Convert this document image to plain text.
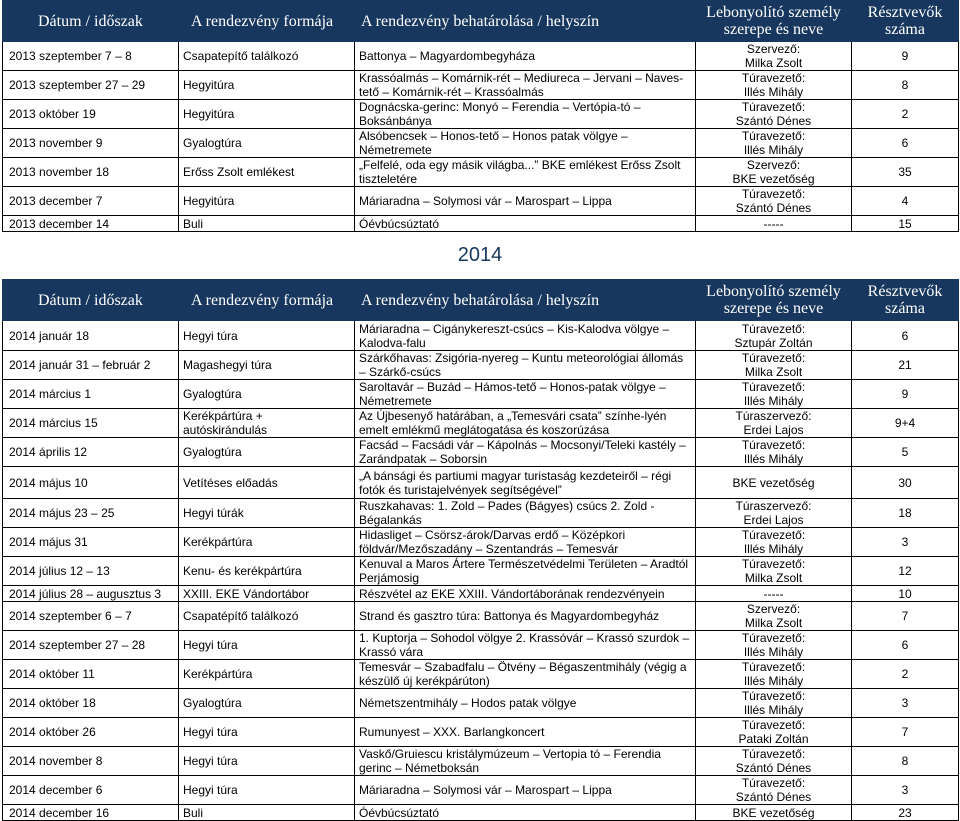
Dátum / időszak	A rendezvény formája	A rendezvény behatárolása / helyszín	Lebonyolító személy
szerepe és neve	Résztvevők
száma

2013 szeptember 7 – 8	Csapatepítő találkozó	Battonya – Magyardombegyháza	Szervező:
Milka Zsolt	9
2013 szeptember 27 – 29	Hegyitúra	Krassóalmás – Komárnik-rét – Mediureca – Jervani – Naves-tető – Komárnik-rét – Krassóalmás	Túravezető:
Illés Mihály	8
2013 október 19	Hegyitúra	Dognácska-gerinc: Monyó – Ferendia – Vertópia-tó – Boksánbánya	Túravezető:
Szántó Dénes	2
2013 november 9	Gyalogtúra	Alsóbencsek – Honos-tető – Honos patak völgye – Németremete	Túravezető:
Illés Mihály	6
2013 november 18	Erőss Zsolt emlékest	„Felfelé, oda egy másik világba...” BKE emlékest Erőss Zsolt tiszteletére	Szervező:
BKE vezetőség	35
2013 december 7	Hegyitúra	Máriaradna – Solymosi vár – Marospart – Lippa	Túravezető:
Szántó Dénes	4
2013 december 14	Buli	Óévbúcsúztató	-----	15
2014
Dátum / időszak	A rendezvény formája	A rendezvény behatárolása / helyszín	Lebonyolító személy
szerepe és neve	Résztvevők
száma

2014 január 18	Hegyi túra	Máriaradna – Cigánykereszt-csúcs – Kis-Kalodva völgye – Kalodva-falu	Túravezető:
Sztupár Zoltán	6
2014 január 31 – február 2	Magashegyi túra	Szárkőhavas: Zsigória-nyereg – Kuntu meteorológiai állomás – Szárkő-csúcs	Túravezető:
Milka Zsolt	21
2014 március 1	Gyalogtúra	Saroltavár – Buzád – Hámos-tető – Honos-patak völgye – Németremete	Túravezető:
Illés Mihály	9
2014 március 15	Kerékpártúra + autóskirándulás	Az Újbesenyő határában, a „Temesvári csata” színhe-lyén emelt emlékmű meglátogatása és koszorúzása	Túraszervező:
Erdei Lajos	9+4
2014 április 12	Gyalogtúra	Facsád – Facsádi vár – Kápolnás – Mocsonyi/Teleki kastély – Zarándpatak – Soborsin	Túravezető:
Illés Mihály	5
2014 május 10	Vetítéses előadás	„A bánsági és partiumi magyar turistaság kezdeteiről – régi fotók és turistajelvények segítségével”	BKE vezetőség	30
2014 május 23 – 25	Hegyi túrák	Ruszkahavas: 1. Zold – Pades (Bágyes) csúcs 2. Zold - Bégalankás	Túraszervező:
Erdei Lajos	18
2014 május 31	Kerékpártúra	Hidasliget – Csörsz-árok/Darvas erdő – Középkori földvár/Mezőszadány – Szentandrás – Temesvár	Túravezető:
Illés Mihály	3
2014 július 12 – 13	Kenu- és kerékpártúra	Kenuval a Maros Ártere Természetvédelmi Területen – Aradtól Perjámosig	Túravezető:
Milka Zsolt	12
2014 július 28 – augusztus 3	XXIII. EKE Vándortábor	Részvétel az EKE XXIII. Vándortáborának rendezvényein	-----	10
2014 szeptember 6 – 7	Csapatépítő találkozó	Strand és gasztro túra: Battonya és Magyardombegyház	Szervező:
Milka Zsolt	7
2014 szeptember 27 – 28	Hegyi túra	1. Kuptorja – Sohodol völgye 2. Krassóvár – Krassó szurdok – Krassó vára	Túravezető:
Illés Mihály	6
2014 október 11	Kerékpártúra	Temesvár – Szabadfalu – Ötvény – Bégaszentmihály (végig a készülő új kerékpárúton)	Túravezető:
Illés Mihály	2
2014 október 18	Gyalogtúra	Németszentmihály – Hodos patak völgye	Túravezető:
Illés Mihály	3
2014 október 26	Hegyi túra	Rumunyest – XXX. Barlangkoncert	Túravezető:
Pataki Zoltán	7
2014 november 8	Hegyi túra	Vaskő/Gruiescu kristálymúzeum – Vertopia tó – Ferendia gerinc – Németboksán	Túravezető:
Szántó Dénes	8
2014 december 6	Hegyi túra	Máriaradna – Solymosi vár – Marospart – Lippa	Túravezető:
Szántó Dénes	3
2014 december 16	Buli	Óévbúcsúztató	BKE vezetőség	23
